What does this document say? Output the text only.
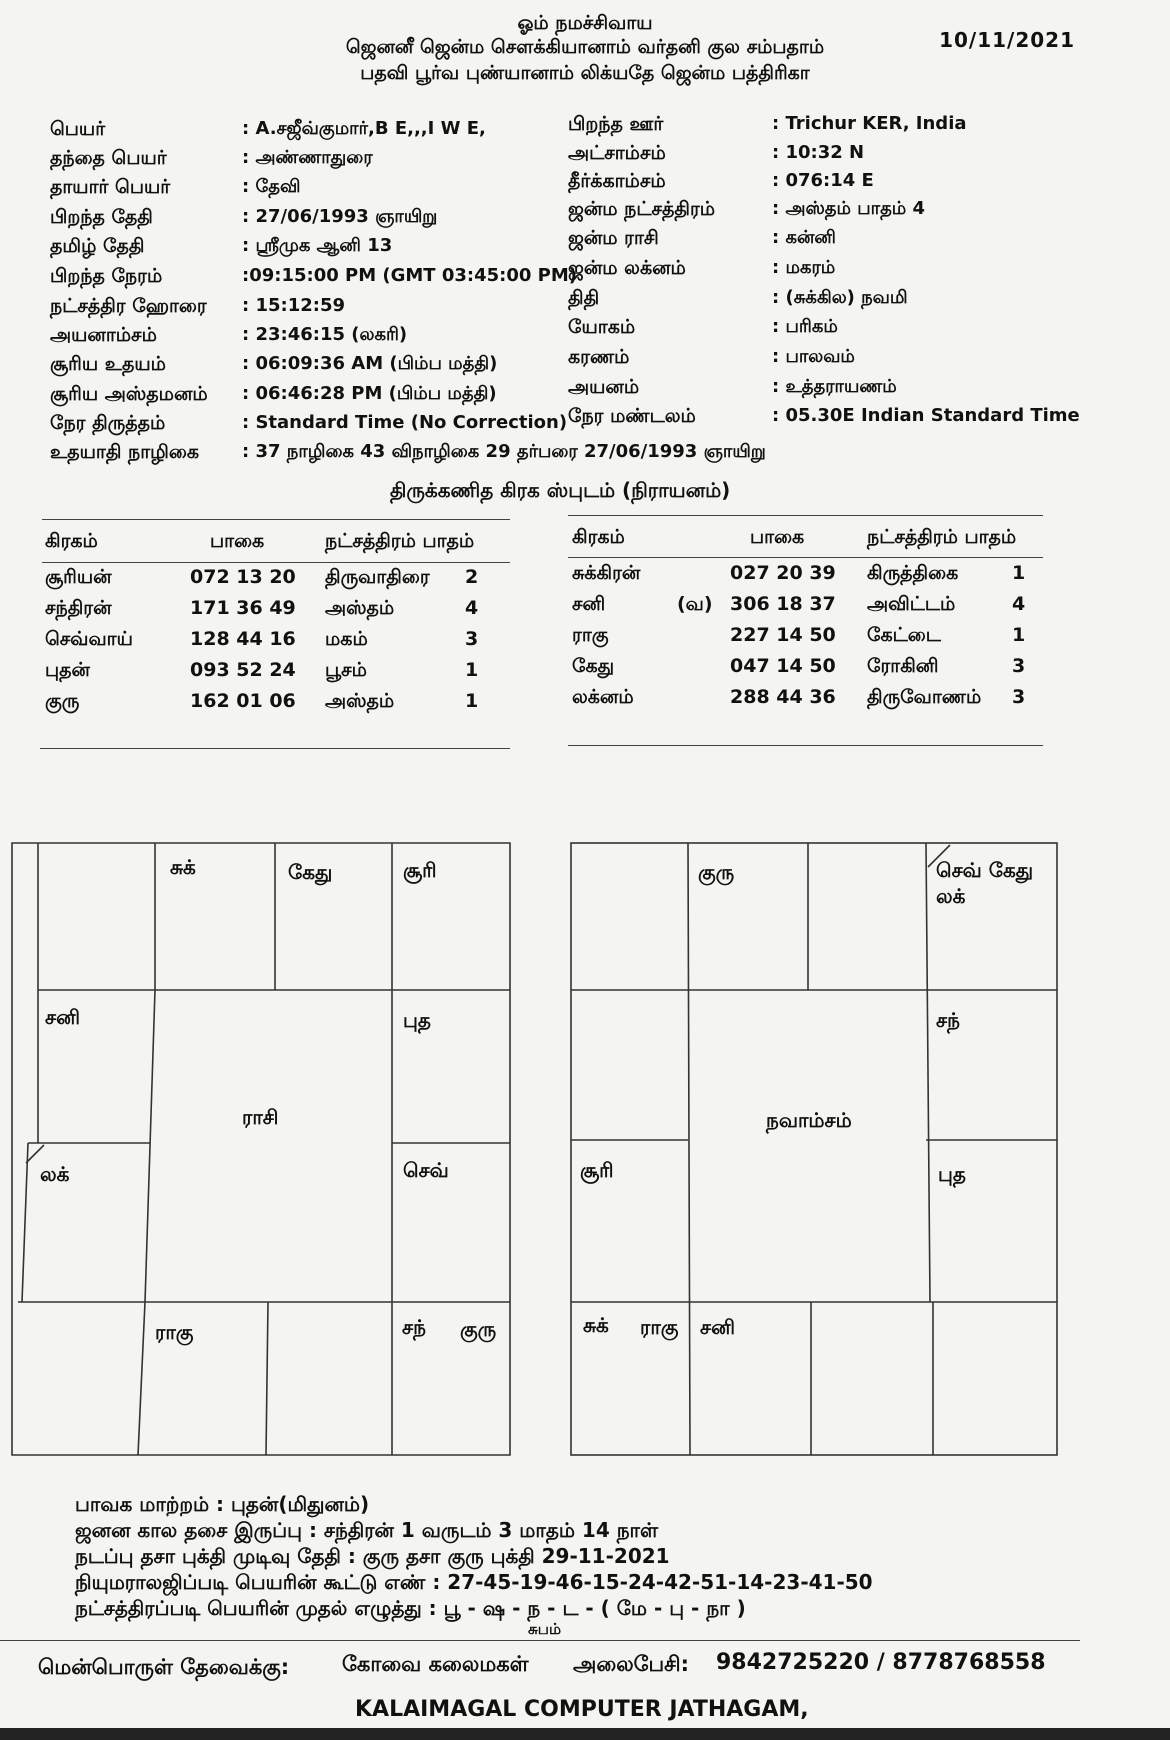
ஓம் நமச்சிவாய
ஜெனனீ ஜென்ம சௌக்கியானாம் வர்தனி குல சம்பதாம்
பதவி பூர்வ புண்யானாம் லிக்யதே ஜென்ம பத்திரிகா
10/11/2021
பெயர்	: A.சஜீவ்குமார்,B E,,,I W E,
தந்தை பெயர்	: அண்ணாதுரை
தாயார் பெயர்	: தேவி
பிறந்த தேதி	: 27/06/1993 ஞாயிறு
தமிழ் தேதி	: ஸ்ரீமுக ஆனி 13
பிறந்த நேரம்	:09:15:00 PM (GMT 03:45:00 PM)
நட்சத்திர ஹோரை : 15:12:59
அயனாம்சம்	: 23:46:15 (லகரி)
சூரிய உதயம்	: 06:09:36 AM (பிம்ப மத்தி)
சூரிய அஸ்தமனம் : 06:46:28 PM (பிம்ப மத்தி)
நேர திருத்தம்	: Standard Time (No Correction)
உதயாதி நாழிகை : 37 நாழிகை 43 விநாழிகை 29 தர்பரை 27/06/1993 ஞாயிறு
பிறந்த ஊர்	: Trichur KER, India
அட்சாம்சம்	: 10:32 N
தீர்க்காம்சம்	: 076:14 E
ஜன்ம நட்சத்திரம்	: அஸ்தம் பாதம் 4
ஜன்ம ராசி	: கன்னி
ஜன்ம லக்னம்	: மகரம்
திதி	: (சுக்கில) நவமி
யோகம்	: பரிகம்
கரணம்	: பாலவம்
அயனம்	: உத்தராயணம்
நேர மண்டலம்	: 05.30E Indian Standard Time
திருக்கணித கிரக ஸ்புடம் (நிராயனம்)
கிரகம்	பாகை	நட்சத்திரம் பாதம்
சூரியன்	072 13 20 திருவாதிரை 2
சந்திரன்	171 36 49 அஸ்தம்	4
செவ்வாய்	128 44 16 மகம்	3
புதன்	093 52 24 பூசம்	1
குரு	162 01 06 அஸ்தம்	1
கிரகம்	பாகை	நட்சத்திரம் பாதம்
சுக்கிரன்	027 20 39 கிருத்திகை	1
சனி	(வ) 306 18 37 அவிட்டம்	4
ராகு	227 14 50 கேட்டை	1
கேது	047 14 50 ரோகினி	3
லக்னம்	288 44 36 திருவோணம் 3
சுக்	கேது	சூரி
சனி	புத
ராசி
லக்	செவ்
ராகு	சந் குரு
குரு	செவ் கேது
லக்
சந்
நவாம்சம்
சூரி	புத
சுக் ராகு சனி
பாவக மாற்றம் : புதன்(மிதுனம்)
ஜனன கால தசை இருப்பு : சந்திரன் 1 வருடம் 3 மாதம் 14 நாள்
நடப்பு தசா புக்தி முடிவு தேதி : குரு தசா குரு புக்தி 29-11-2021
நியுமராலஜிப்படி பெயரின் கூட்டு எண் : 27-45-19-46-15-24-42-51-14-23-41-50
நட்சத்திரப்படி பெயரின் முதல் எழுத்து : பூ - ஷ - ந - ட - ( மே - பு - நா )
சுபம்
மென்பொருள் தேவைக்கு:	கோவை கலைமகள் அலைபேசி: 9842725220 / 8778768558
KALAIMAGAL COMPUTER JATHAGAM,
